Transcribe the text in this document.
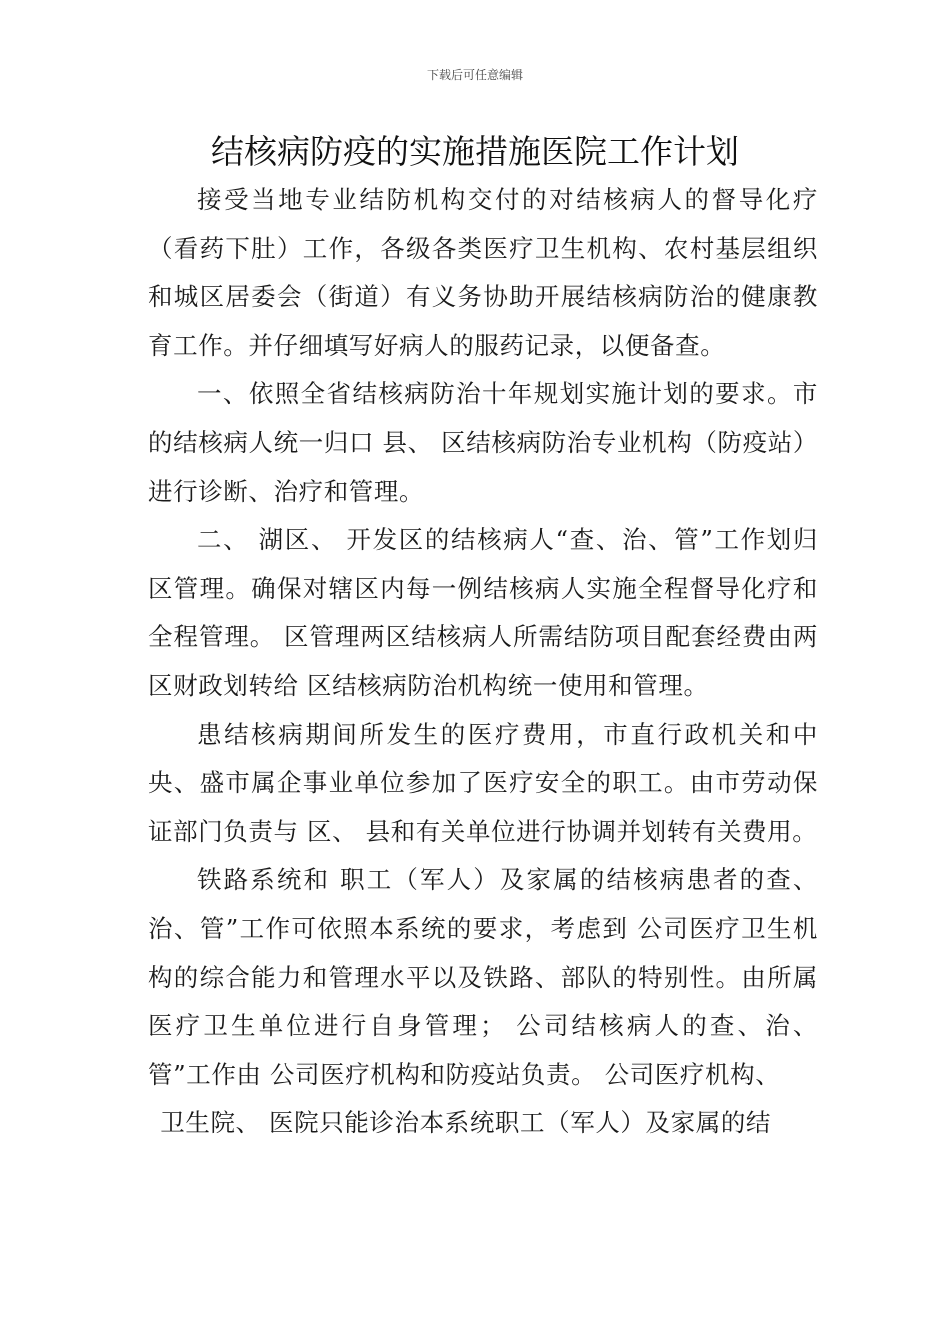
下载后可任意编辑
结核病防疫的实施措施医院工作计划

接受当地专业结防机构交付的对结核病人的督导化疗（看药下肚）工作，各级各类医疗卫生机构、农村基层组织和城区居委会（街道）有义务协助开展结核病防治的健康教育工作。并仔细填写好病人的服药记录，以便备查。

一、依照全省结核病防治十年规划实施计划的要求。市的结核病人统一归口 县、 区结核病防治专业机构（防疫站）进行诊断、治疗和管理。

二、 湖区、 开发区的结核病人“查、治、管”工作划归 区管理。确保对辖区内每一例结核病人实施全程督导化疗和全程管理。 区管理两区结核病人所需结防项目配套经费由两区财政划转给 区结核病防治机构统一使用和管理。

患结核病期间所发生的医疗费用，市直行政机关和中央、盛市属企事业单位参加了医疗安全的职工。由市劳动保证部门负责与 区、 县和有关单位进行协调并划转有关费用。

铁路系统和 职工（军人）及家属的结核病患者的查、治、管”工作可依照本系统的要求，考虑到 公司医疗卫生机构的综合能力和管理水平以及铁路、部队的特别性。由所属医疗卫生单位进行自身管理； 公司结核病人的查、治、管”工作由 公司医疗机构和防疫站负责。 公司医疗机构、

卫生院、 医院只能诊治本系统职工（军人）及家属的结
